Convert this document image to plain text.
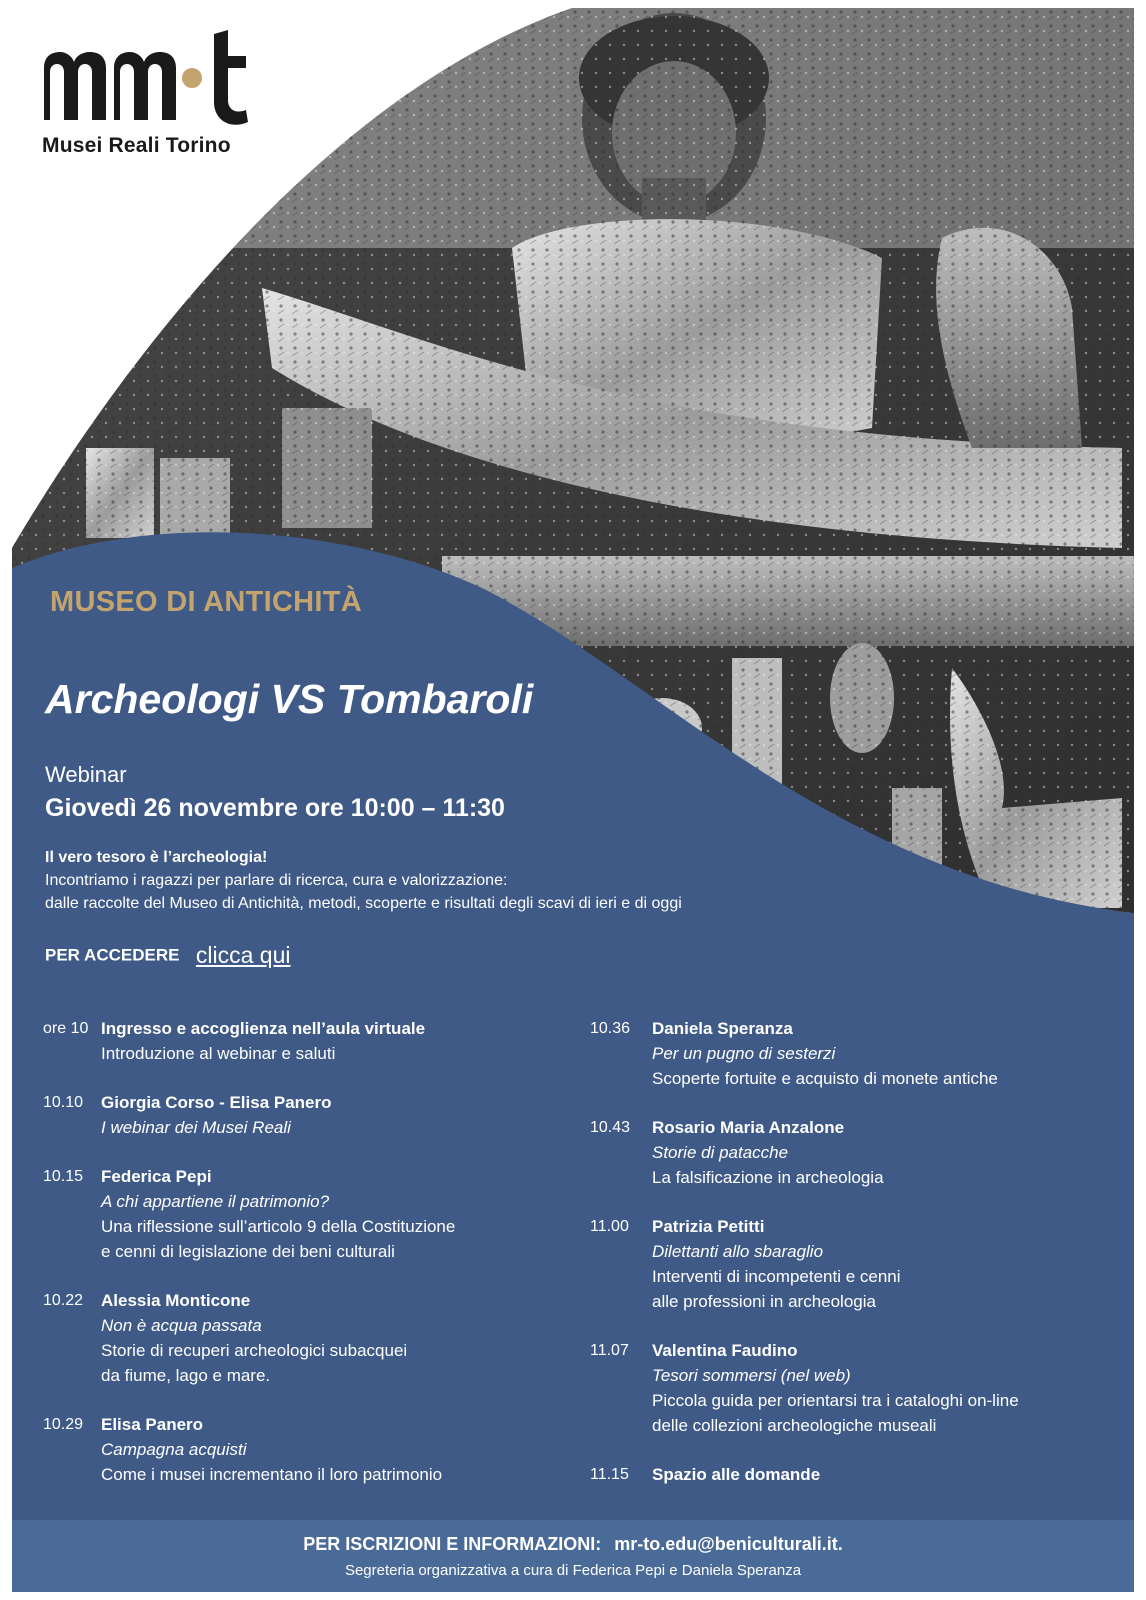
Musei Reali Torino
MUSEO DI ANTICHITÀ
Archeologi VS Tombaroli
Webinar
Giovedì 26 novembre ore 10:00 – 11:30
Il vero tesoro è l’archeologia!
Incontriamo i ragazzi per parlare di ricerca, cura e valorizzazione:
dalle raccolte del Museo di Antichità, metodi, scoperte e risultati degli scavi di ieri e di oggi
PER ACCEDERE clicca qui
ore 10 Ingresso e accoglienza nell’aula virtuale
Introduzione al webinar e saluti
10.10	Giorgia Corso - Elisa Panero
I webinar dei Musei Reali
10.15	Federica Pepi
A chi appartiene il patrimonio?
Una riflessione sull’articolo 9 della Costituzione
e cenni di legislazione dei beni culturali
10.22	Alessia Monticone
Non è acqua passata
Storie di recuperi archeologici subacquei
da fiume, lago e mare.
10.29	Elisa Panero
Campagna acquisti
Come i musei incrementano il loro patrimonio
10.36	Daniela Speranza
Per un pugno di sesterzi
Scoperte fortuite e acquisto di monete antiche
10.43	Rosario Maria Anzalone
Storie di patacche
La falsificazione in archeologia
11.00	Patrizia Petitti
Dilettanti allo sbaraglio
Interventi di incompetenti e cenni
alle professioni in archeologia
11.07	Valentina Faudino
Tesori sommersi (nel web)
Piccola guida per orientarsi tra i cataloghi on-line
delle collezioni archeologiche museali
11.15	Spazio alle domande
PER ISCRIZIONI E INFORMAZIONI: mr-to.edu@beniculturali.it.
Segreteria organizzativa a cura di Federica Pepi e Daniela Speranza
